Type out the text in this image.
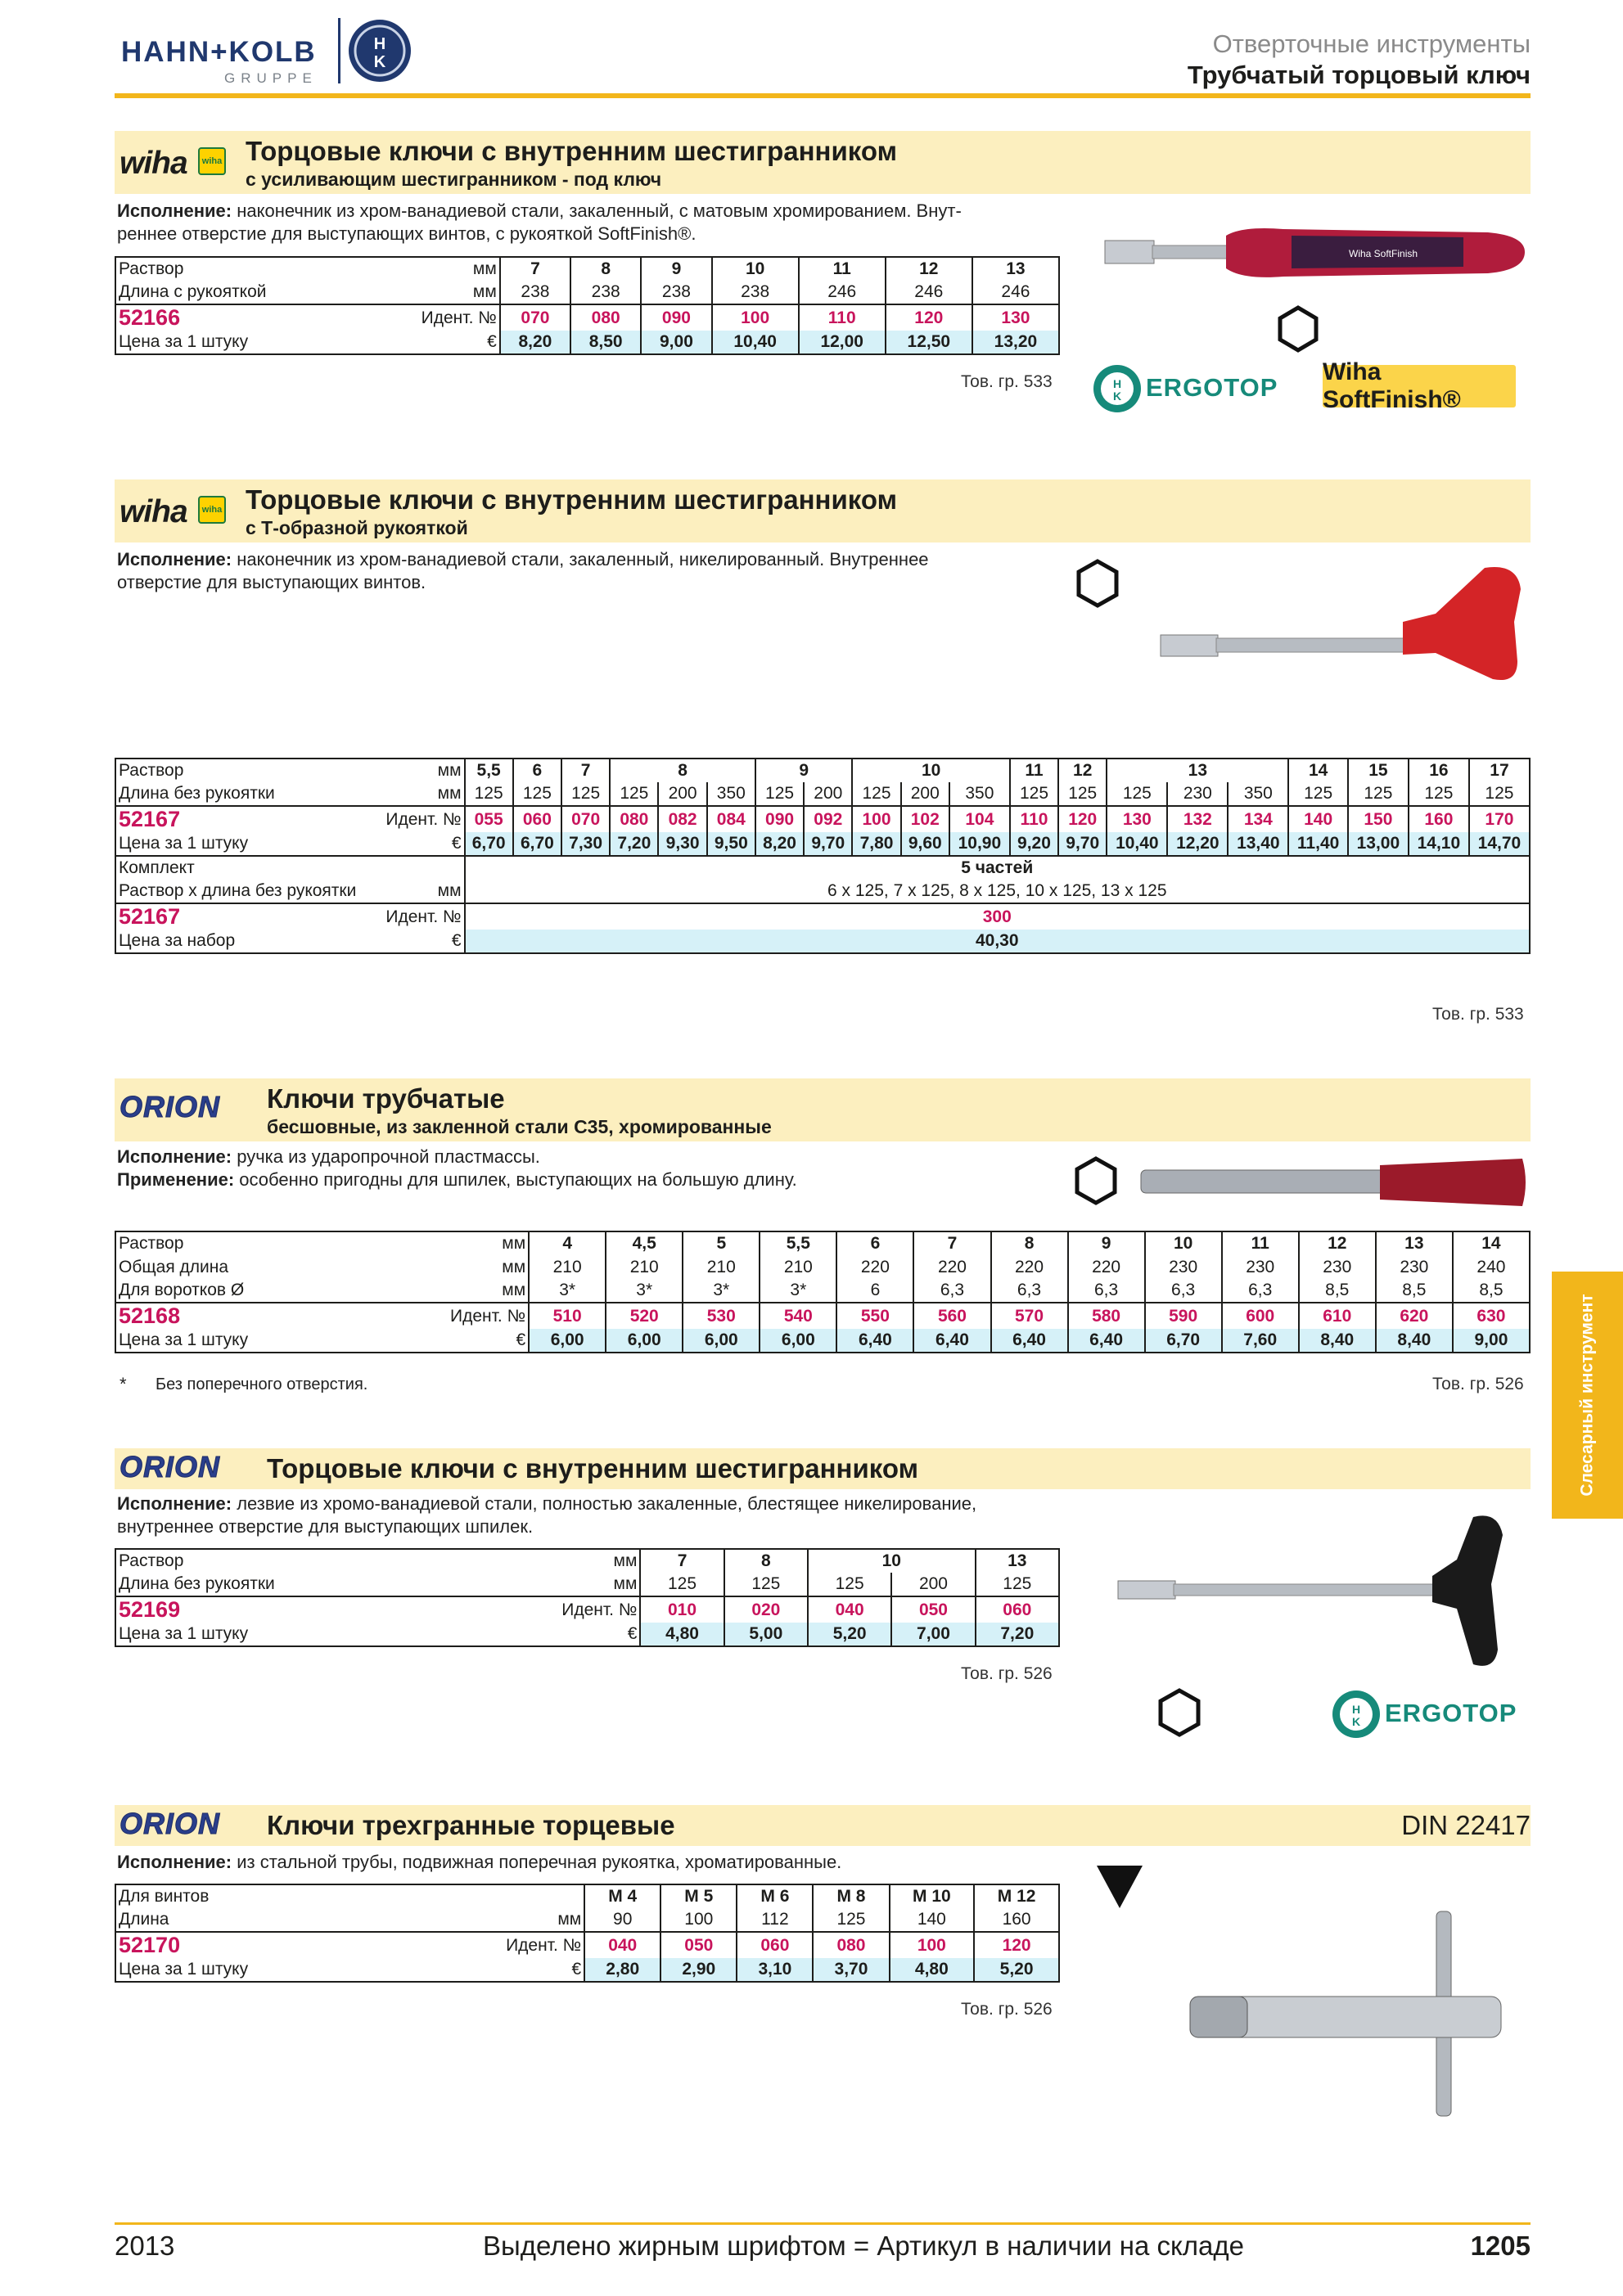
HAHN+KOLB
GRUPPE
H
K
Отверточные инструменты
Трубчатый торцовый ключ
wiha	wiha Торцовые ключи с внутренним шестигранником
с усиливающим шестигранником - под ключ
Исполнение: наконечник из хром-ванадиевой стали, закаленный, с матовым хромированием. Внут-
реннее отверстие для выступающих винтов, с рукояткой SoftFinish®.
Раствор	мм	7	8	9	10	11	12	13
Длина с рукояткой	мм	238	238	238	238	246	246	246
52166	Идент. №	070	080	090	100	110	120	130
Цена за 1 штуку	€	8,20	8,50	9,00	10,40	12,00	12,50	13,20
Тов. гр. 533
Wiha SoftFinish
H
K ERGOTOP
Wiha SoftFinish®
wiha	wiha Торцовые ключи с внутренним шестигранником
с Т-образной рукояткой
Исполнение: наконечник из хром-ванадиевой стали, закаленный, никелированный. Внутреннее
отверстие для выступающих винтов.
Раствор	мм	5,5	6	7	8			9		10			11	12	13			14	15	16	17
Длина без рукоятки	мм	125	125	125	125	200	350	125	200	125	200	350	125	125	125	230	350	125	125	125	125
52167	Идент. №	055	060	070	080	082	084	090	092	100	102	104	110	120	130	132	134	140	150	160	170
Цена за 1 штуку	€	6,70	6,70	7,30	7,20	9,30	9,50	8,20	9,70	7,80	9,60	10,90	9,20	9,70	10,40	12,20	13,40	11,40	13,00	14,10	14,70
Комплект		5 частей																			
Раствор х длина без рукоятки	мм	6 x 125, 7 x 125, 8 x 125, 10 x 125, 13 x 125																			
52167	Идент. №	300																			
Цена за набор	€	40,30																			
Тов. гр. 533
ORION Ключи трубчатые
бесшовные, из закленной стали C35, хромированные
Исполнение: ручка из ударопрочной пластмассы.
Применение: особенно пригодны для шпилек, выступающих на большую длину.
Раствор	мм	4	4,5	5	5,5	6	7	8	9	10	11	12	13	14
Общая длина	мм	210	210	210	210	220	220	220	220	230	230	230	230	240
Для воротков Ø	мм	3*	3*	3*	3*	6	6,3	6,3	6,3	6,3	6,3	8,5	8,5	8,5
52168	Идент. №	510	520	530	540	550	560	570	580	590	600	610	620	630
Цена за 1 штуку	€	6,00	6,00	6,00	6,00	6,40	6,40	6,40	6,40	6,70	7,60	8,40	8,40	9,00
* Без поперечного отверстия.	Тов. гр. 526	Слесарный инструмент
ORION Торцовые ключи с внутренним шестигранником
Исполнение: лезвие из хромо-ванадиевой стали, полностью закаленные, блестящее никелирование,
внутреннее отверстие для выступающих шпилек.
Раствор	мм	7	8	10		13
Длина без рукоятки	мм	125	125	125	200	125
52169	Идент. №	010	020	040	050	060
Цена за 1 штуку	€	4,80	5,00	5,20	7,00	7,20
Тов. гр. 526
H
K ERGOTOP
ORION Ключи трехгранные торцевые	DIN 22417
Исполнение: из стальной трубы, подвижная поперечная рукоятка, хроматированные.
Для винтов		M 4	M 5	M 6	M 8	M 10	M 12
Длина	мм	90	100	112	125	140	160
52170	Идент. №	040	050	060	080	100	120
Цена за 1 штуку	€	2,80	2,90	3,10	3,70	4,80	5,20
Тов. гр. 526
2013	Выделено жирным шрифтом = Артикул в наличии на складе	1205
